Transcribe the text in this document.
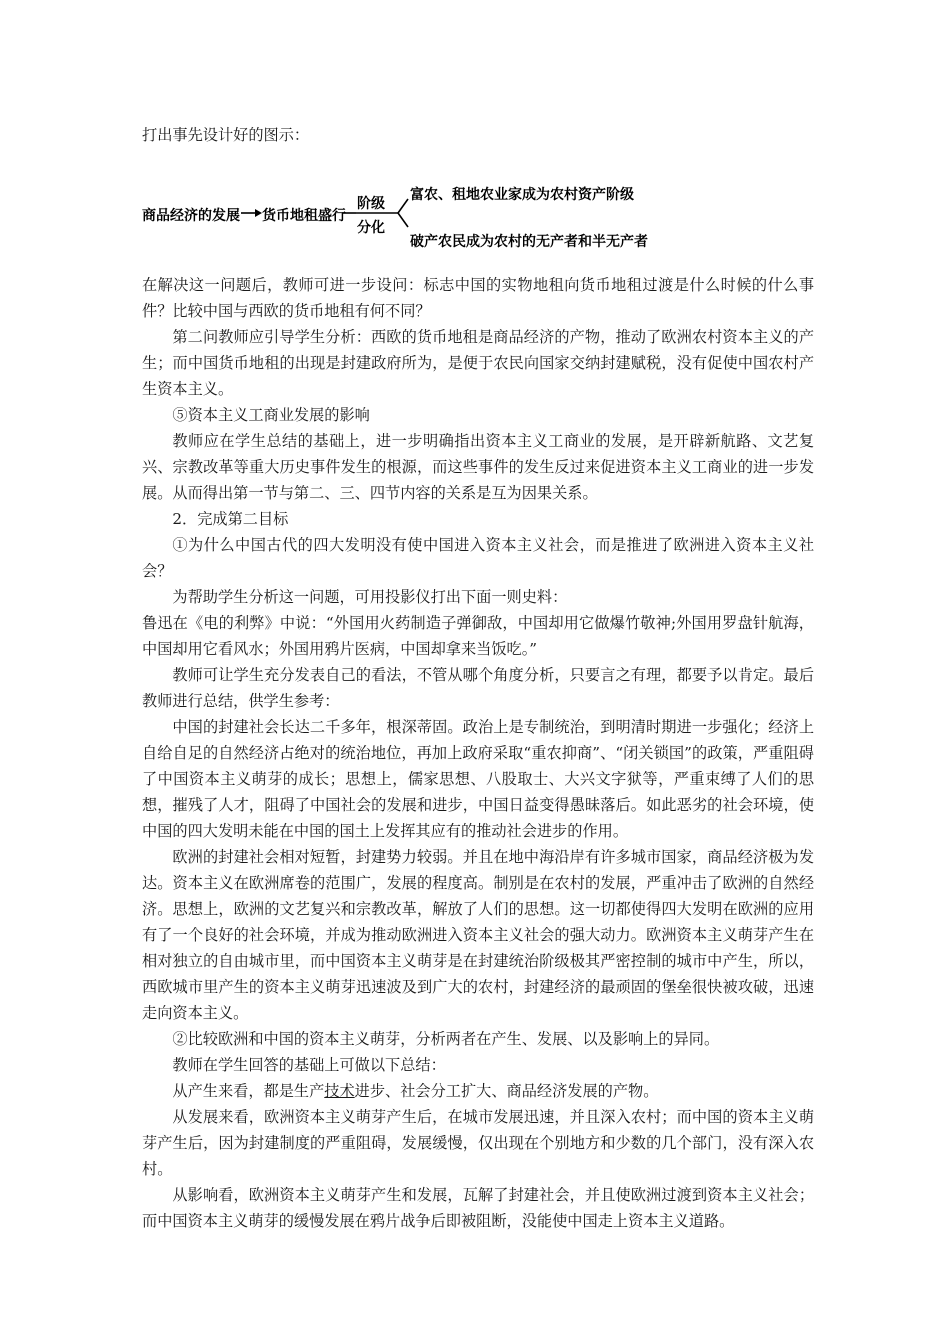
打出事先设计好的图示：

商品经济的发展 货币地租盛行
阶级
分化
富农、租地农业家成为农村资产阶级
破产农民成为农村的无产者和半无产者

在解决这一问题后，教师可进一步设问：标志中国的实物地租向货币地租过渡是什么时候的什么事件？比较中国与西欧的货币地租有何不同？

第二问教师应引导学生分析：西欧的货币地租是商品经济的产物，推动了欧洲农村资本主义的产生；而中国货币地租的出现是封建政府所为，是便于农民向国家交纳封建赋税，没有促使中国农村产生资本主义。

⑤资本主义工商业发展的影响

教师应在学生总结的基础上，进一步明确指出资本主义工商业的发展，是开辟新航路、文艺复兴、宗教改革等重大历史事件发生的根源，而这些事件的发生反过来促进资本主义工商业的进一步发展。从而得出第一节与第二、三、四节内容的关系是互为因果关系。

2．完成第二目标

①为什么中国古代的四大发明没有使中国进入资本主义社会，而是推进了欧洲进入资本主义社会？

为帮助学生分析这一问题，可用投影仪打出下面一则史料：

鲁迅在《电的利弊》中说：“外国用火药制造子弹御敌，中国却用它做爆竹敬神;外国用罗盘针航海，中国却用它看风水；外国用鸦片医病，中国却拿来当饭吃。”

教师可让学生充分发表自己的看法，不管从哪个角度分析，只要言之有理，都要予以肯定。最后教师进行总结，供学生参考：

中国的封建社会长达二千多年，根深蒂固。政治上是专制统治，到明清时期进一步强化；经济上自给自足的自然经济占绝对的统治地位，再加上政府采取“重农抑商”、“闭关锁国”的政策，严重阻碍了中国资本主义萌芽的成长；思想上，儒家思想、八股取士、大兴文字狱等，严重束缚了人们的思想，摧残了人才，阻碍了中国社会的发展和进步，中国日益变得愚昧落后。如此恶劣的社会环境，使中国的四大发明未能在中国的国土上发挥其应有的推动社会进步的作用。

欧洲的封建社会相对短暂，封建势力较弱。并且在地中海沿岸有许多城市国家，商品经济极为发达。资本主义在欧洲席卷的范围广，发展的程度高。制别是在农村的发展，严重冲击了欧洲的自然经济。思想上，欧洲的文艺复兴和宗教改革，解放了人们的思想。这一切都使得四大发明在欧洲的应用有了一个良好的社会环境，并成为推动欧洲进入资本主义社会的强大动力。欧洲资本主义萌芽产生在相对独立的自由城市里，而中国资本主义萌芽是在封建统治阶级极其严密控制的城市中产生，所以，西欧城市里产生的资本主义萌芽迅速波及到广大的农村，封建经济的最顽固的堡垒很快被攻破，迅速走向资本主义。

②比较欧洲和中国的资本主义萌芽，分析两者在产生、发展、以及影响上的异同。

教师在学生回答的基础上可做以下总结：

从产生来看，都是生产技术进步、社会分工扩大、商品经济发展的产物。

从发展来看，欧洲资本主义萌芽产生后，在城市发展迅速，并且深入农村；而中国的资本主义萌芽产生后，因为封建制度的严重阻碍，发展缓慢，仅出现在个别地方和少数的几个部门，没有深入农村。

从影响看，欧洲资本主义萌芽产生和发展，瓦解了封建社会，并且使欧洲过渡到资本主义社会；而中国资本主义萌芽的缓慢发展在鸦片战争后即被阻断，没能使中国走上资本主义道路。
